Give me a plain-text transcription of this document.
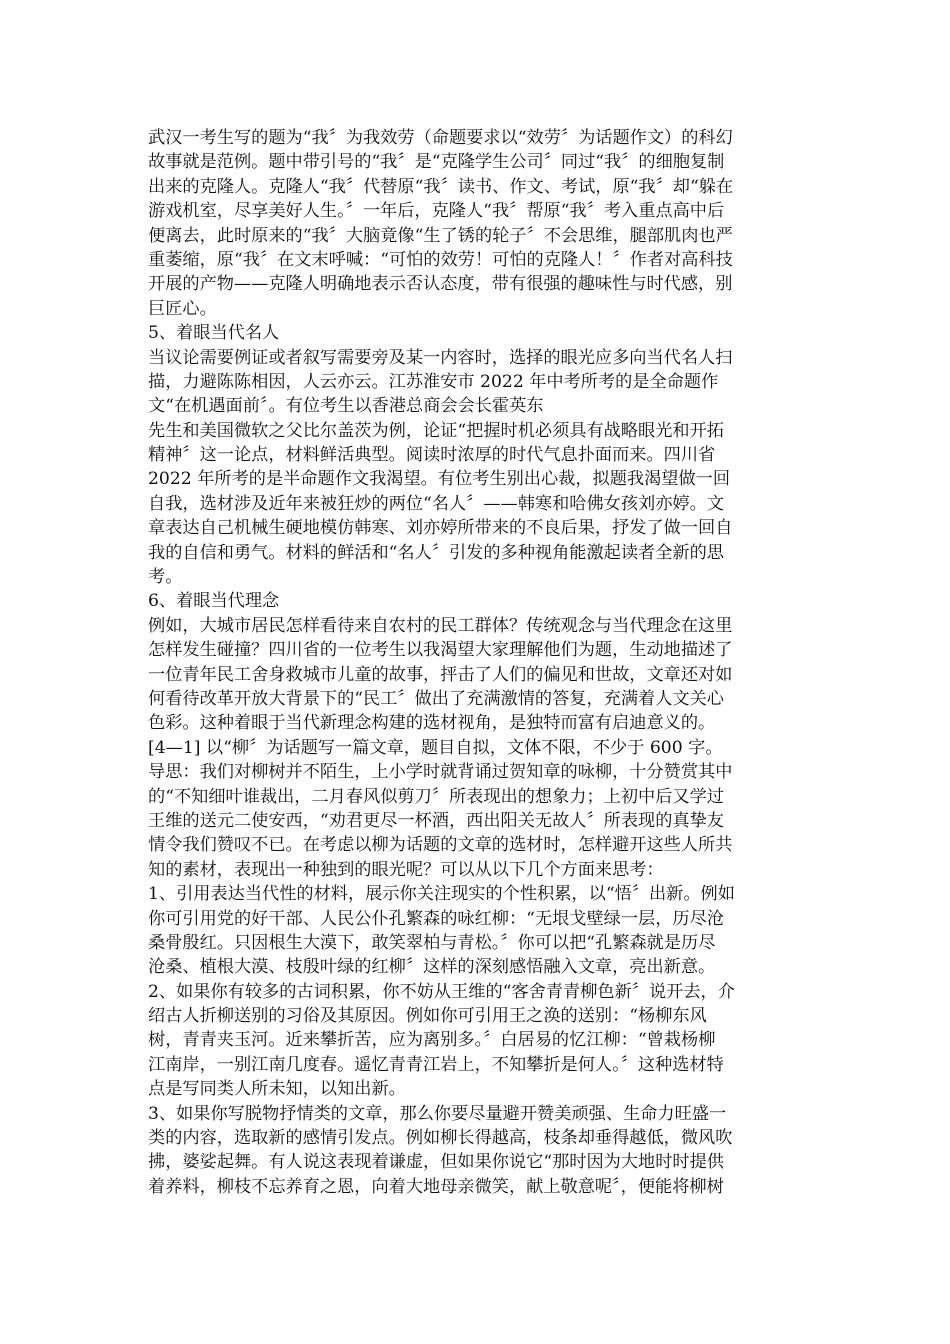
武汉一考生写的题为“我〞为我效劳（命题要求以“效劳〞为话题作文）的科幻
故事就是范例。题中带引号的“我〞是“克隆学生公司〞同过“我〞的细胞复制
出来的克隆人。克隆人“我〞代替原“我〞读书、作文、考试，原“我〞却“躲在
游戏机室，尽享美好人生。〞一年后，克隆人“我〞帮原“我〞考入重点高中后
便离去，此时原来的“我〞大脑竟像“生了锈的轮子〞不会思维，腿部肌肉也严
重萎缩，原“我〞在文末呼喊：“可怕的效劳！可怕的克隆人！〞作者对高科技
开展的产物——克隆人明确地表示否认态度，带有很强的趣味性与时代感，别
巨匠心。
5、着眼当代名人
当议论需要例证或者叙写需要旁及某一内容时，选择的眼光应多向当代名人扫
描，力避陈陈相因，人云亦云。江苏淮安市 2022 年中考所考的是全命题作
文“在机遇面前〞。有位考生以香港总商会会长霍英东
先生和美国微软之父比尔盖茨为例，论证“把握时机必须具有战略眼光和开拓
精神〞这一论点，材料鲜活典型。阅读时浓厚的时代气息扑面而来。四川省
2022 年所考的是半命题作文我渴望。有位考生别出心裁，拟题我渴望做一回
自我，选材涉及近年来被狂炒的两位“名人〞——韩寒和哈佛女孩刘亦婷。文
章表达自己机械生硬地模仿韩寒、刘亦婷所带来的不良后果，抒发了做一回自
我的自信和勇气。材料的鲜活和“名人〞引发的多种视角能激起读者全新的思
考。
6、着眼当代理念
例如，大城市居民怎样看待来自农村的民工群体？传统观念与当代理念在这里
怎样发生碰撞？四川省的一位考生以我渴望大家理解他们为题，生动地描述了
一位青年民工舍身救城市儿童的故事，抨击了人们的偏见和世故，文章还对如
何看待改革开放大背景下的“民工〞做出了充满激情的答复，充满着人文关心
色彩。这种着眼于当代新理念构建的选材视角，是独特而富有启迪意义的。
[4—1] 以“柳〞为话题写一篇文章，题目自拟，文体不限，不少于 600 字。
导思：我们对柳树并不陌生，上小学时就背诵过贺知章的咏柳，十分赞赏其中
的“不知细叶谁裁出，二月春风似剪刀〞所表现出的想象力；上初中后又学过
王维的送元二使安西，“劝君更尽一杯酒，西出阳关无故人〞所表现的真挚友
情令我们赞叹不已。在考虑以柳为话题的文章的选材时，怎样避开这些人所共
知的素材，表现出一种独到的眼光呢？可以从以下几个方面来思考：
1、引用表达当代性的材料，展示你关注现实的个性积累，以“悟〞出新。例如
你可引用党的好干部、人民公仆孔繁森的咏红柳：“无垠戈壁绿一层，历尽沧
桑骨殷红。只因根生大漠下，敢笑翠柏与青松。〞你可以把“孔繁森就是历尽
沧桑、植根大漠、枝殷叶绿的红柳〞这样的深刻感悟融入文章，亮出新意。
2、如果你有较多的古词积累，你不妨从王维的“客舍青青柳色新〞说开去，介
绍古人折柳送别的习俗及其原因。例如你可引用王之涣的送别：“杨柳东风
树，青青夹玉河。近来攀折苦，应为离别多。〞白居易的忆江柳：“曾栽杨柳
江南岸，一别江南几度春。遥忆青青江岩上，不知攀折是何人。〞这种选材特
点是写同类人所未知，以知出新。
3、如果你写脱物抒情类的文章，那么你要尽量避开赞美顽强、生命力旺盛一
类的内容，选取新的感情引发点。例如柳长得越高，枝条却垂得越低，微风吹
拂，婆娑起舞。有人说这表现着谦虚，但如果你说它“那时因为大地时时提供
着养料，柳枝不忘养育之恩，向着大地母亲微笑，献上敬意呢〞，便能将柳树
